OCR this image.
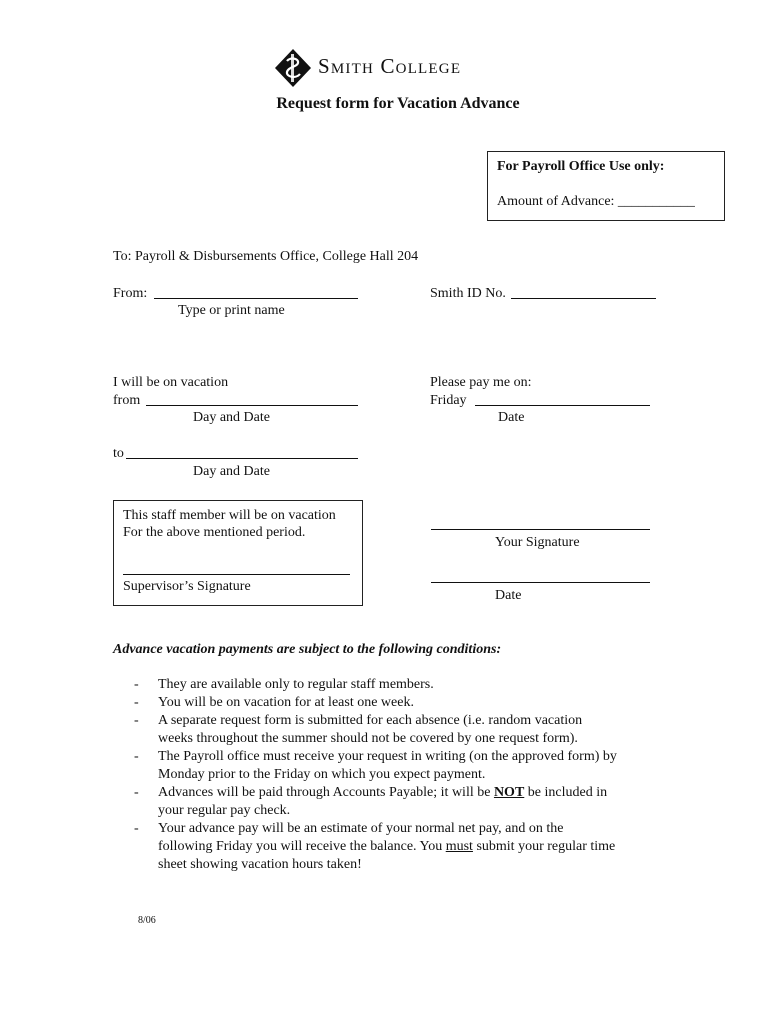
Smith College
Request form for Vacation Advance
For Payroll Office Use only:
Amount of Advance: ___________
To: Payroll & Disbursements Office, College Hall 204
From:
Type or print name
Smith ID No.
I will be on vacation
from
Day and Date
Please pay me on:
Friday
Date
to
Day and Date
This staff member will be on vacation
For the above mentioned period.
Supervisor’s Signature
Your Signature
Date
Advance vacation payments are subject to the following conditions:
- They are available only to regular staff members.
- You will be on vacation for at least one week.
- A separate request form is submitted for each absence (i.e. random vacation
weeks throughout the summer should not be covered by one request form).
- The Payroll office must receive your request in writing (on the approved form) by
Monday prior to the Friday on which you expect payment.
- Advances will be paid through Accounts Payable; it will be NOT be included in
your regular pay check.
- Your advance pay will be an estimate of your normal net pay, and on the
following Friday you will receive the balance. You must submit your regular time
sheet showing vacation hours taken!
8/06
